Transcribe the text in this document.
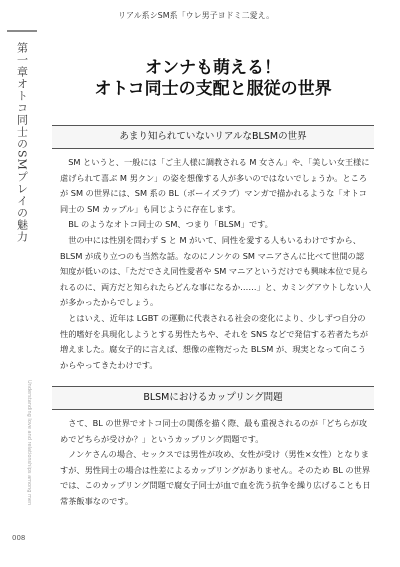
リアル系シSM系「ウレ男子ヨドミ二愛え。
第一章
オトコ同士のSMプレイの魅力
Understanding love and relationships among men
008
オンナも萌える！
オトコ同士の支配と服従の世界
あまり知られていないリアルなBLSMの世界

SM というと、一般には「ご主人様に調教される M 女さん」や、「美しい女王様に虐げられて喜ぶ M 男クン」の姿を想像する人が多いのではないでしょうか。ところが SM の世界には、SM 系の BL（ボーイズラブ）マンガで描かれるような「オトコ同士の SM カップル」も同じように存在します。

BL のようなオトコ同士の SM、つまり「BLSM」です。

世の中には性別を問わず S と M がいて、同性を愛する人もいるわけですから、BLSM が成り立つのも当然な話。なのにノンケの SM マニアさんに比べて世間の認知度が低いのは、「ただでさえ同性愛者や SM マニアというだけでも興味本位で見られるのに、両方だと知られたらどんな事になるか……」と、カミングアウトしない人が多かったからでしょう。

とはいえ、近年は LGBT の運動に代表される社会の変化により、少しずつ自分の性的嗜好を具現化しようとする男性たちや、それを SNS などで発信する若者たちが増えました。腐女子的に言えば、想像の産物だった BLSM が、現実となって向こうからやってきたわけです。

BLSMにおけるカップリング問題

さて、BL の世界でオトコ同士の関係を描く際、最も重視されるのが「どちらが攻めでどちらが受けか？」というカップリング問題です。

ノンケさんの場合、セックスでは男性が攻め、女性が受け（男性×女性）となりますが、男性同士の場合は性差によるカップリングがありません。そのため BL の世界では、このカップリング問題で腐女子同士が血で血を洗う抗争を繰り広げることも日常茶飯事なのです。
